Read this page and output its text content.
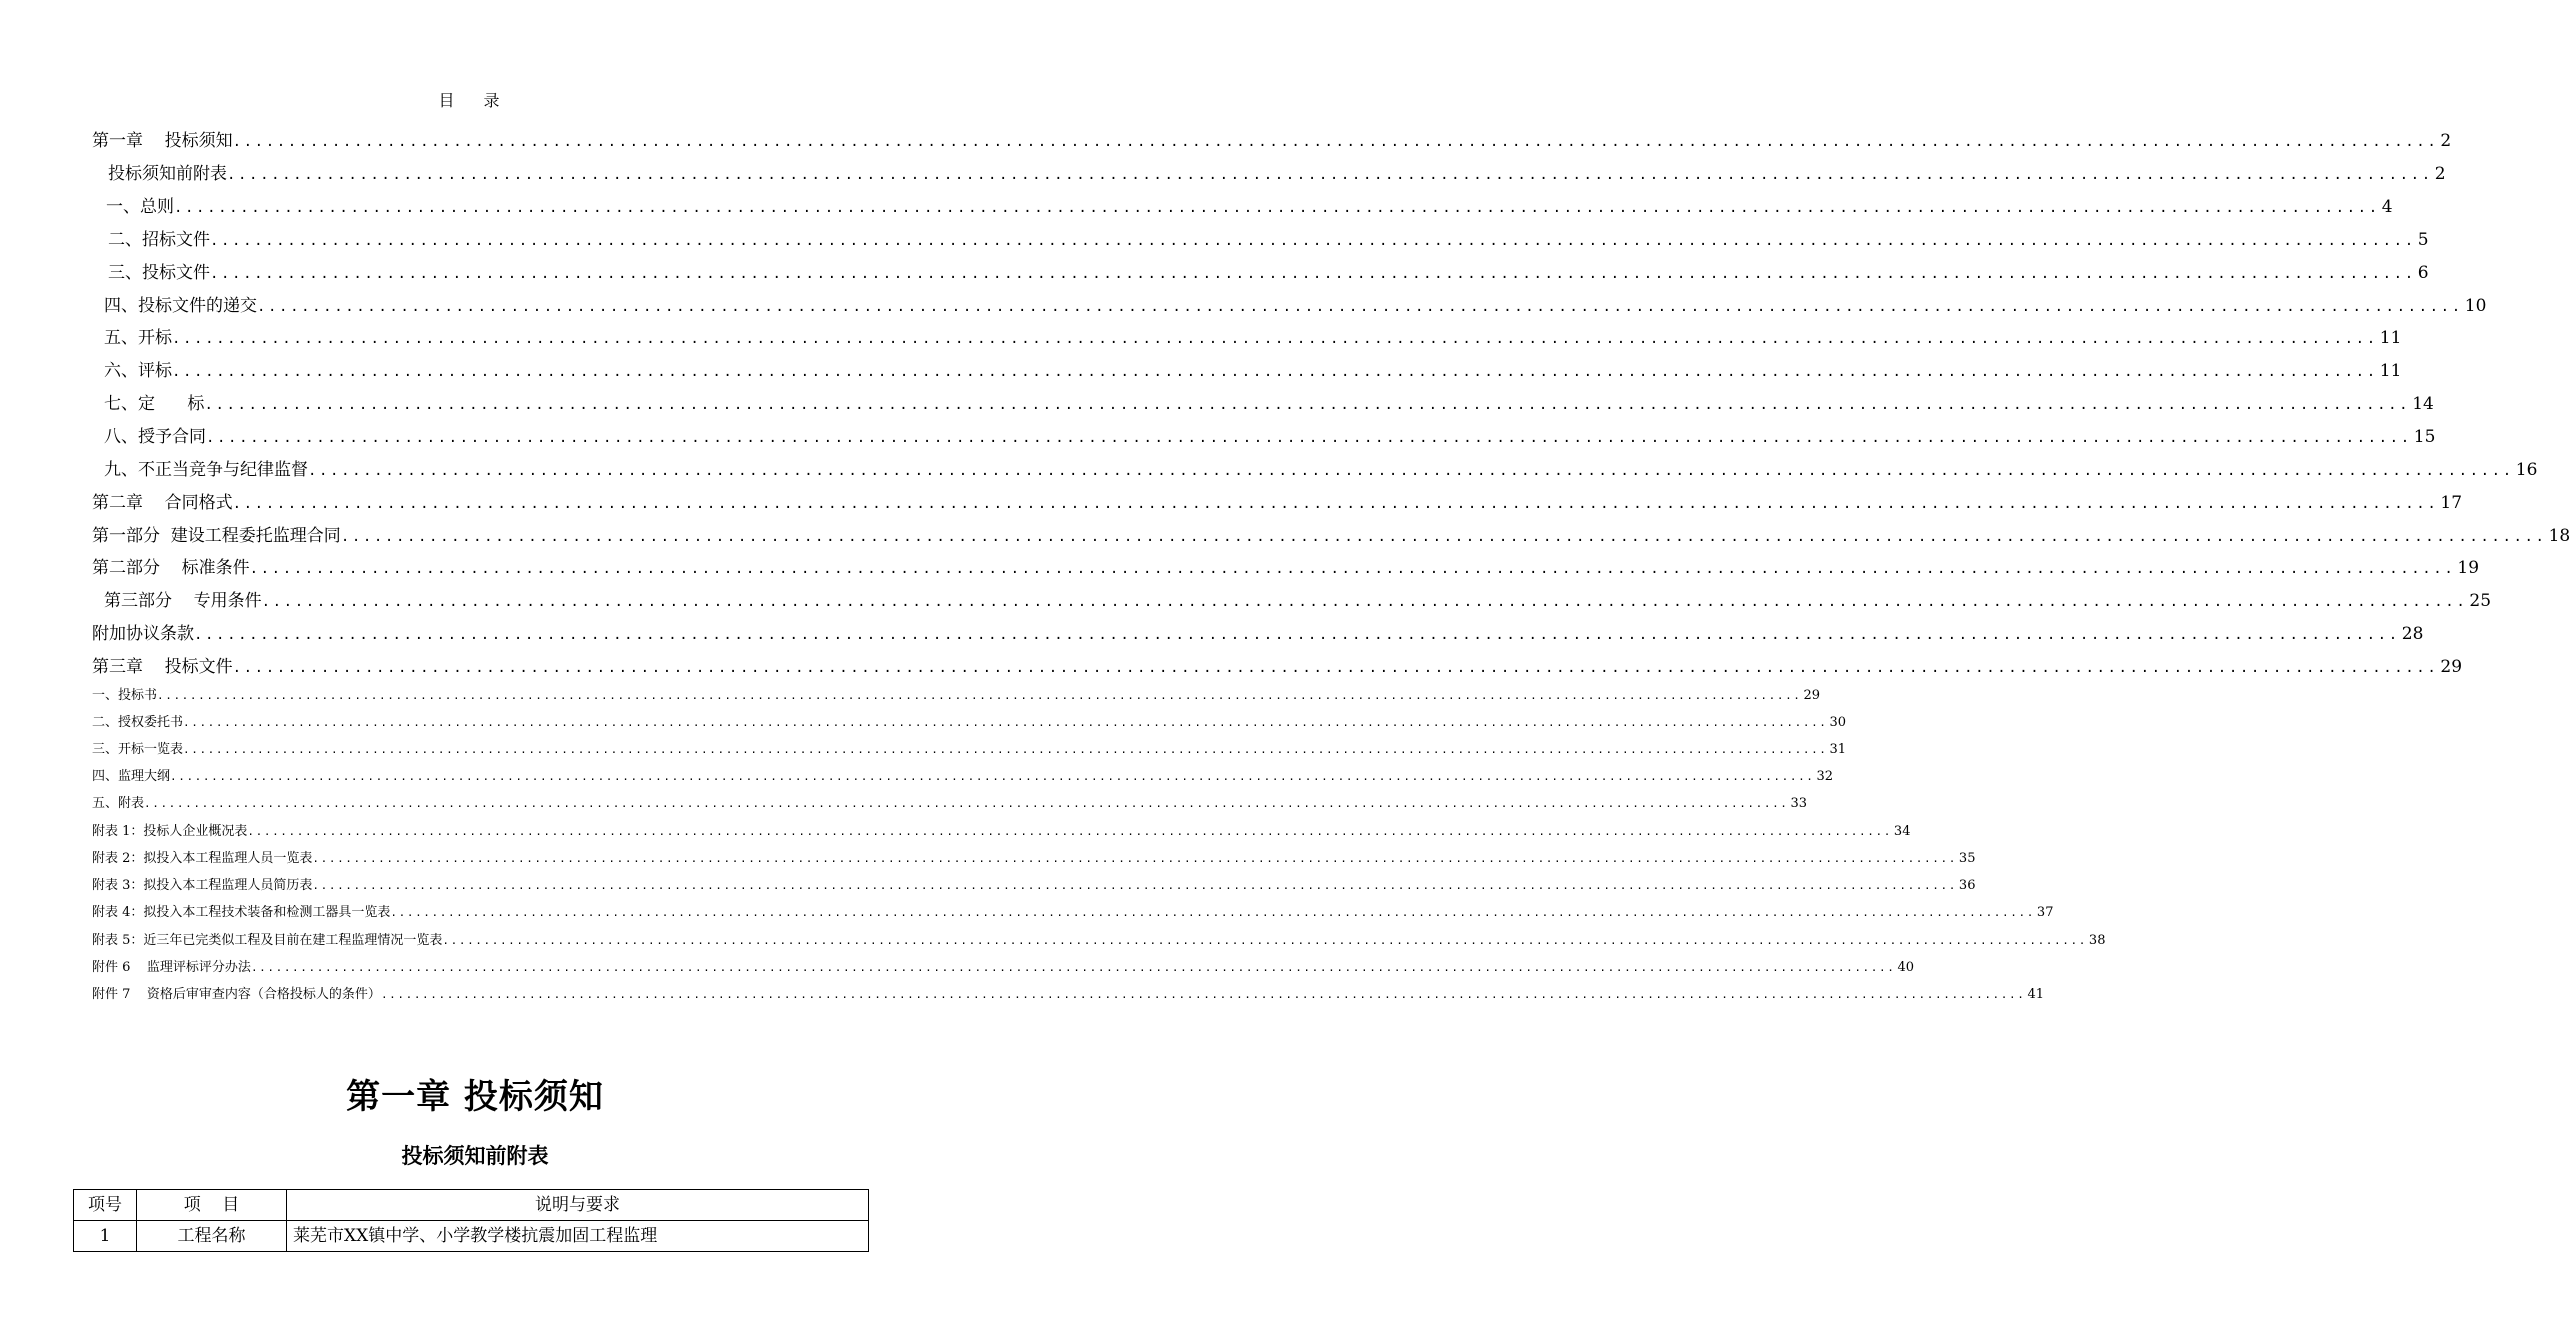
目 录
第一章    投标须知 ........................................................................................................................................................................................................ 2
投标须知前附表 ........................................................................................................................................................................................................ 2
一、总则 ........................................................................................................................................................................................................ 4
二、招标文件 ........................................................................................................................................................................................................ 5
三、投标文件 ........................................................................................................................................................................................................ 6
四、投标文件的递交 ........................................................................................................................................................................................................ 10
五、开标 ........................................................................................................................................................................................................ 11
六、评标 ........................................................................................................................................................................................................ 11
七、定      标 ........................................................................................................................................................................................................ 14
八、授予合同 ........................................................................................................................................................................................................ 15
九、不正当竞争与纪律监督 ........................................................................................................................................................................................................ 16
第二章    合同格式 ........................................................................................................................................................................................................ 17
第一部分  建设工程委托监理合同 ........................................................................................................................................................................................................ 18
第二部分    标准条件 ........................................................................................................................................................................................................ 19
第三部分    专用条件 ........................................................................................................................................................................................................ 25
附加协议条款 ........................................................................................................................................................................................................ 28
第三章    投标文件 ........................................................................................................................................................................................................ 29
一、投标书 ........................................................................................................................................................................................................ 29
二、授权委托书 ........................................................................................................................................................................................................ 30
三、开标一览表 ........................................................................................................................................................................................................ 31
四、监理大纲 ........................................................................................................................................................................................................ 32
五、附表 ........................................................................................................................................................................................................ 33
附表 1：投标人企业概况表 ........................................................................................................................................................................................................ 34
附表 2：拟投入本工程监理人员一览表 ........................................................................................................................................................................................................ 35
附表 3：拟投入本工程监理人员简历表 ........................................................................................................................................................................................................ 36
附表 4：拟投入本工程技术装备和检测工器具一览表 ........................................................................................................................................................................................................ 37
附表 5：近三年已完类似工程及目前在建工程监理情况一览表 ........................................................................................................................................................................................................ 38
附件 6    监理评标评分办法 ........................................................................................................................................................................................................ 40
附件 7    资格后审审查内容（合格投标人的条件） ........................................................................................................................................................................................................ 41
第一章 投标须知
投标须知前附表
项号	项    目	说明与要求
1	工程名称	莱芜市XX镇中学、小学教学楼抗震加固工程监理
